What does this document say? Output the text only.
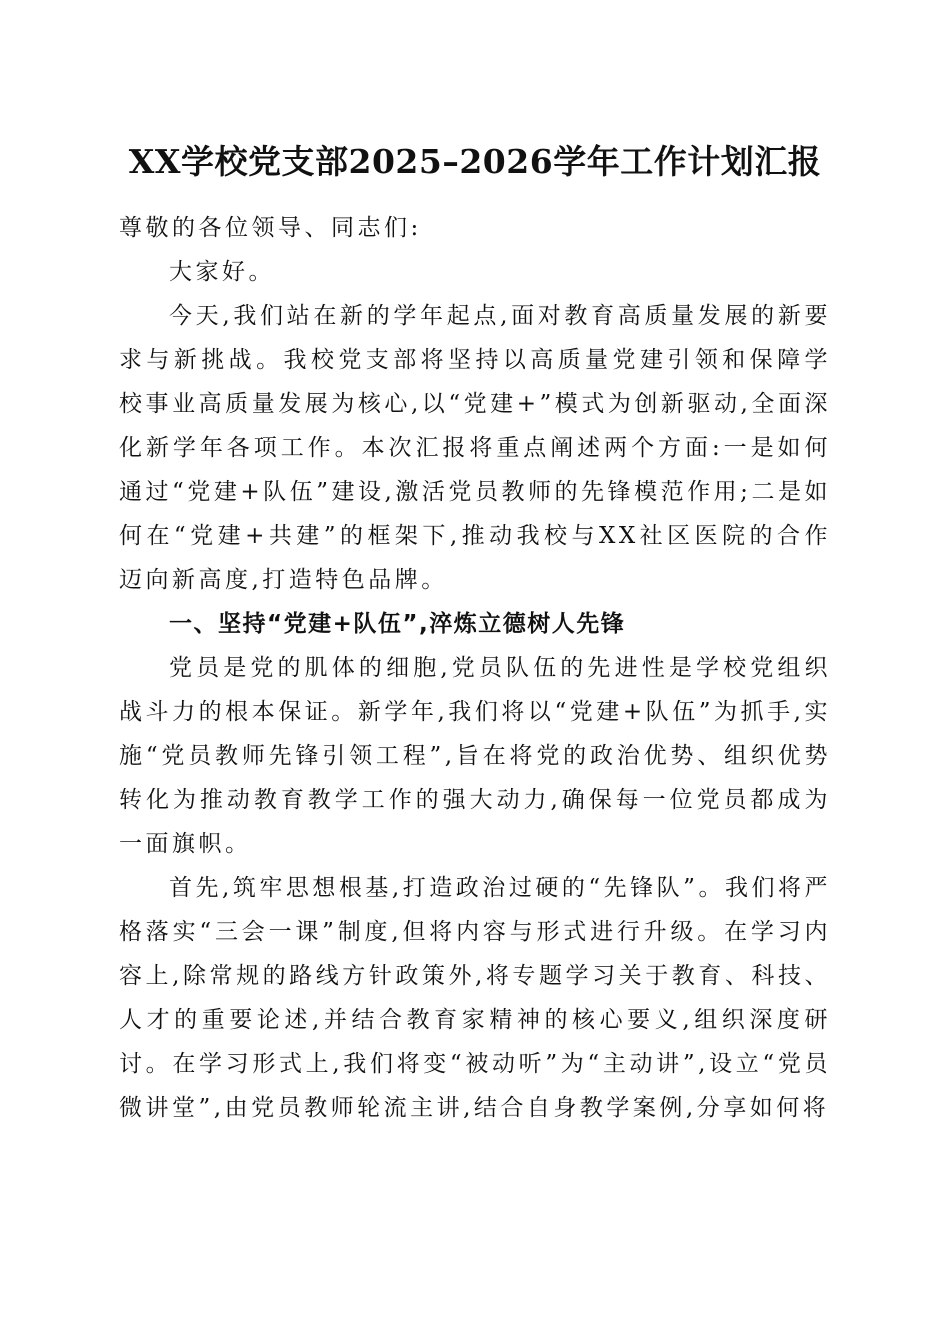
XX学校党支部2025–2026学年工作计划汇报

尊敬的各位领导、同志们:

大家好。

今天,我们站在新的学年起点,面对教育高质量发展的新要求与新挑战。我校党支部将坚持以高质量党建引领和保障学校事业高质量发展为核心,以“党建+”模式为创新驱动,全面深化新学年各项工作。本次汇报将重点阐述两个方面:一是如何通过“党建+队伍”建设,激活党员教师的先锋模范作用;二是如何在“党建+共建”的框架下,推动我校与XX社区医院的合作迈向新高度,打造特色品牌。

一、坚持“党建+队伍”,淬炼立德树人先锋

党员是党的肌体的细胞,党员队伍的先进性是学校党组织战斗力的根本保证。新学年,我们将以“党建+队伍”为抓手,实施“党员教师先锋引领工程”,旨在将党的政治优势、组织优势转化为推动教育教学工作的强大动力,确保每一位党员都成为一面旗帜。

首先,筑牢思想根基,打造政治过硬的“先锋队”。我们将严格落实“三会一课”制度,但将内容与形式进行升级。在学习内容上,除常规的路线方针政策外,将专题学习关于教育、科技、人才的重要论述,并结合教育家精神的核心要义,组织深度研讨。在学习形式上,我们将变“被动听”为“主动讲”,设立“党员微讲堂”,由党员教师轮流主讲,结合自身教学案例,分享如何将
